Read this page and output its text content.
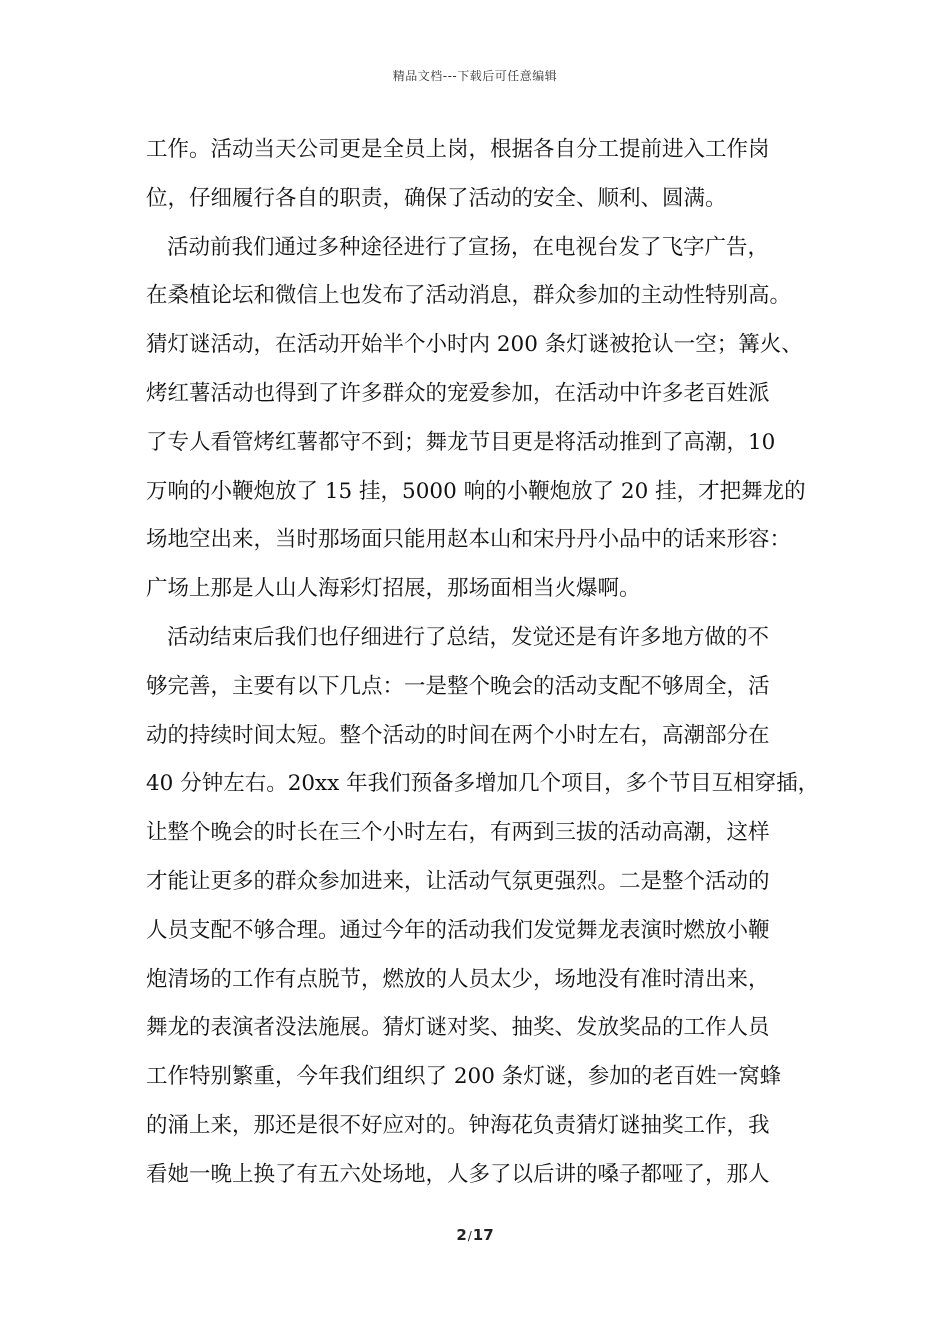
精品文档---下载后可任意编辑
工作。活动当天公司更是全员上岗，根据各自分工提前进入工作岗
位，仔细履行各自的职责，确保了活动的安全、顺利、圆满。
活动前我们通过多种途径进行了宣扬，在电视台发了飞字广告，
在桑植论坛和微信上也发布了活动消息，群众参加的主动性特别高。
猜灯谜活动，在活动开始半个小时内 200 条灯谜被抢认一空；篝火、
烤红薯活动也得到了许多群众的宠爱参加，在活动中许多老百姓派
了专人看管烤红薯都守不到；舞龙节目更是将活动推到了高潮，10
万响的小鞭炮放了 15 挂，5000 响的小鞭炮放了 20 挂，才把舞龙的
场地空出来，当时那场面只能用赵本山和宋丹丹小品中的话来形容：
广场上那是人山人海彩灯招展，那场面相当火爆啊。
活动结束后我们也仔细进行了总结，发觉还是有许多地方做的不
够完善，主要有以下几点：一是整个晚会的活动支配不够周全，活
动的持续时间太短。整个活动的时间在两个小时左右，高潮部分在
40 分钟左右。20xx 年我们预备多增加几个项目，多个节目互相穿插，
让整个晚会的时长在三个小时左右，有两到三拔的活动高潮，这样
才能让更多的群众参加进来，让活动气氛更强烈。二是整个活动的
人员支配不够合理。通过今年的活动我们发觉舞龙表演时燃放小鞭
炮清场的工作有点脱节，燃放的人员太少，场地没有准时清出来，
舞龙的表演者没法施展。猜灯谜对奖、抽奖、发放奖品的工作人员
工作特别繁重，今年我们组织了 200 条灯谜，参加的老百姓一窝蜂
的涌上来，那还是很不好应对的。钟海花负责猜灯谜抽奖工作，我
看她一晚上换了有五六处场地，人多了以后讲的嗓子都哑了，那人
2/17
